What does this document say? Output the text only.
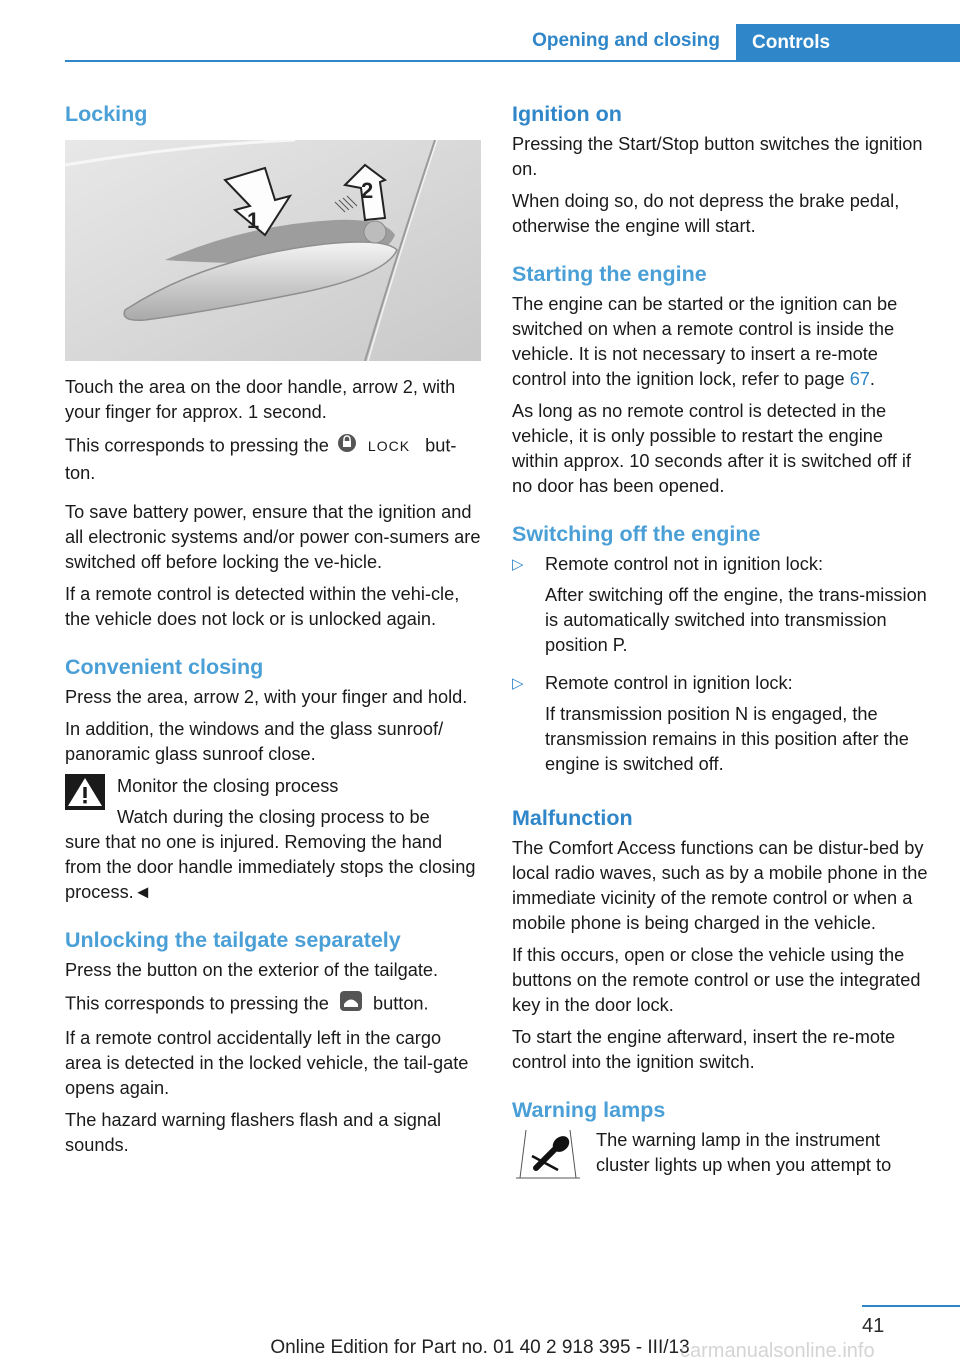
Opening and closing	Controls
Locking
1
2

Touch the area on the door handle, arrow 2, with your finger for approx. 1 second.

This corresponds to pressing the	LOCK but-ton.

To save battery power, ensure that the ignition and all electronic systems and/or power con-sumers are switched off before locking the ve-hicle.

If a remote control is detected within the vehi-cle, the vehicle does not lock or is unlocked again.

Convenient closing

Press the area, arrow 2, with your finger and hold.

In addition, the windows and the glass sunroof/ panoramic glass sunroof close.

Monitor the closing process

Watch during the closing process to be

sure that no one is injured. Removing the hand from the door handle immediately stops the closing process.◄

Unlocking the tailgate separately

Press the button on the exterior of the tailgate.

This corresponds to pressing the button.

If a remote control accidentally left in the cargo area is detected in the locked vehicle, the tail-gate opens again.

The hazard warning flashers flash and a signal sounds.

Ignition on

Pressing the Start/Stop button switches the ignition on.

When doing so, do not depress the brake pedal, otherwise the engine will start.

Starting the engine

The engine can be started or the ignition can be switched on when a remote control is inside the vehicle. It is not necessary to insert a re-mote control into the ignition lock, refer to page 67.

As long as no remote control is detected in the vehicle, it is only possible to restart the engine within approx. 10 seconds after it is switched off if no door has been opened.

Switching off the engine
▷	Remote control not in ignition lock:

After switching off the engine, the trans-mission is automatically switched into transmission position P.

▷	Remote control in ignition lock:

If transmission position N is engaged, the transmission remains in this position after the engine is switched off.

Malfunction

The Comfort Access functions can be distur-bed by local radio waves, such as by a mobile phone in the immediate vicinity of the remote control or when a mobile phone is being charged in the vehicle.

If this occurs, open or close the vehicle using the buttons on the remote control or use the integrated key in the door lock.

To start the engine afterward, insert the re-mote control into the ignition switch.

Warning lamps

The warning lamp in the instrument cluster lights up when you attempt to

41
Online Edition for Part no. 01 40 2 918 395 - III/13
carmanualsonline.info
